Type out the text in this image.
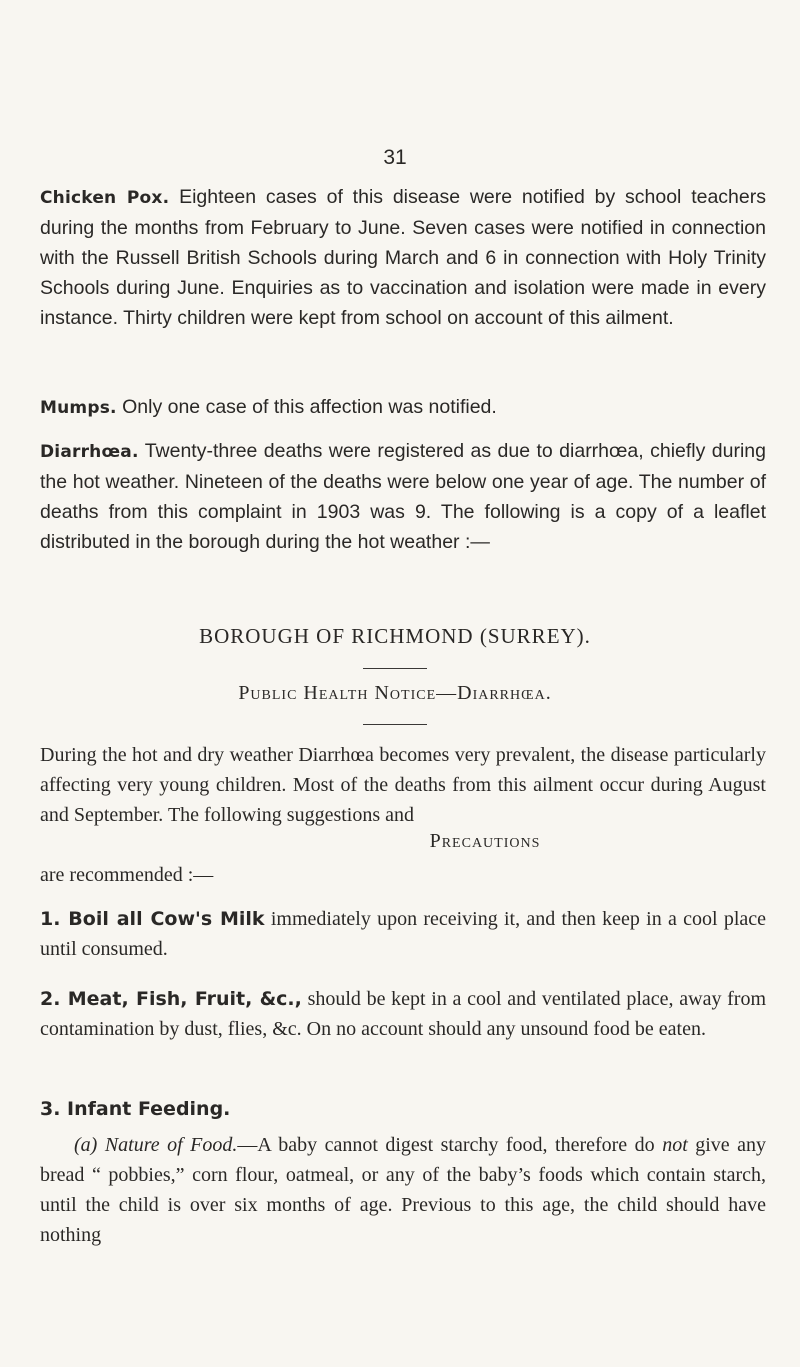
31
Chicken Pox. Eighteen cases of this disease were notified by school teachers during the months from February to June. Seven cases were notified in connection with the Russell British Schools during March and 6 in connection with Holy Trinity Schools during June. Enquiries as to vaccination and isolation were made in every instance. Thirty children were kept from school on account of this ailment.
Mumps. Only one case of this affection was notified.
Diarrhœa. Twenty-three deaths were registered as due to diarrhœa, chiefly during the hot weather. Nineteen of the deaths were below one year of age. The number of deaths from this complaint in 1903 was 9. The following is a copy of a leaflet distributed in the borough during the hot weather :—
BOROUGH OF RICHMOND (SURREY).
Public Health Notice—Diarrhœa.
During the hot and dry weather Diarrhœa becomes very prevalent, the disease particularly affecting very young children. Most of the deaths from this ailment occur during August and September. The following suggestions and
Precautions
are recommended :—
1. Boil all Cow's Milk immediately upon receiving it, and then keep in a cool place until consumed.
2. Meat, Fish, Fruit, &c., should be kept in a cool and ventilated place, away from contamination by dust, flies, &c. On no account should any unsound food be eaten.
3. Infant Feeding.
(a) Nature of Food.—A baby cannot digest starchy food, therefore do not give any bread “ pobbies,” corn flour, oatmeal, or any of the baby’s foods which contain starch, until the child is over six months of age. Previous to this age, the child should have nothing
